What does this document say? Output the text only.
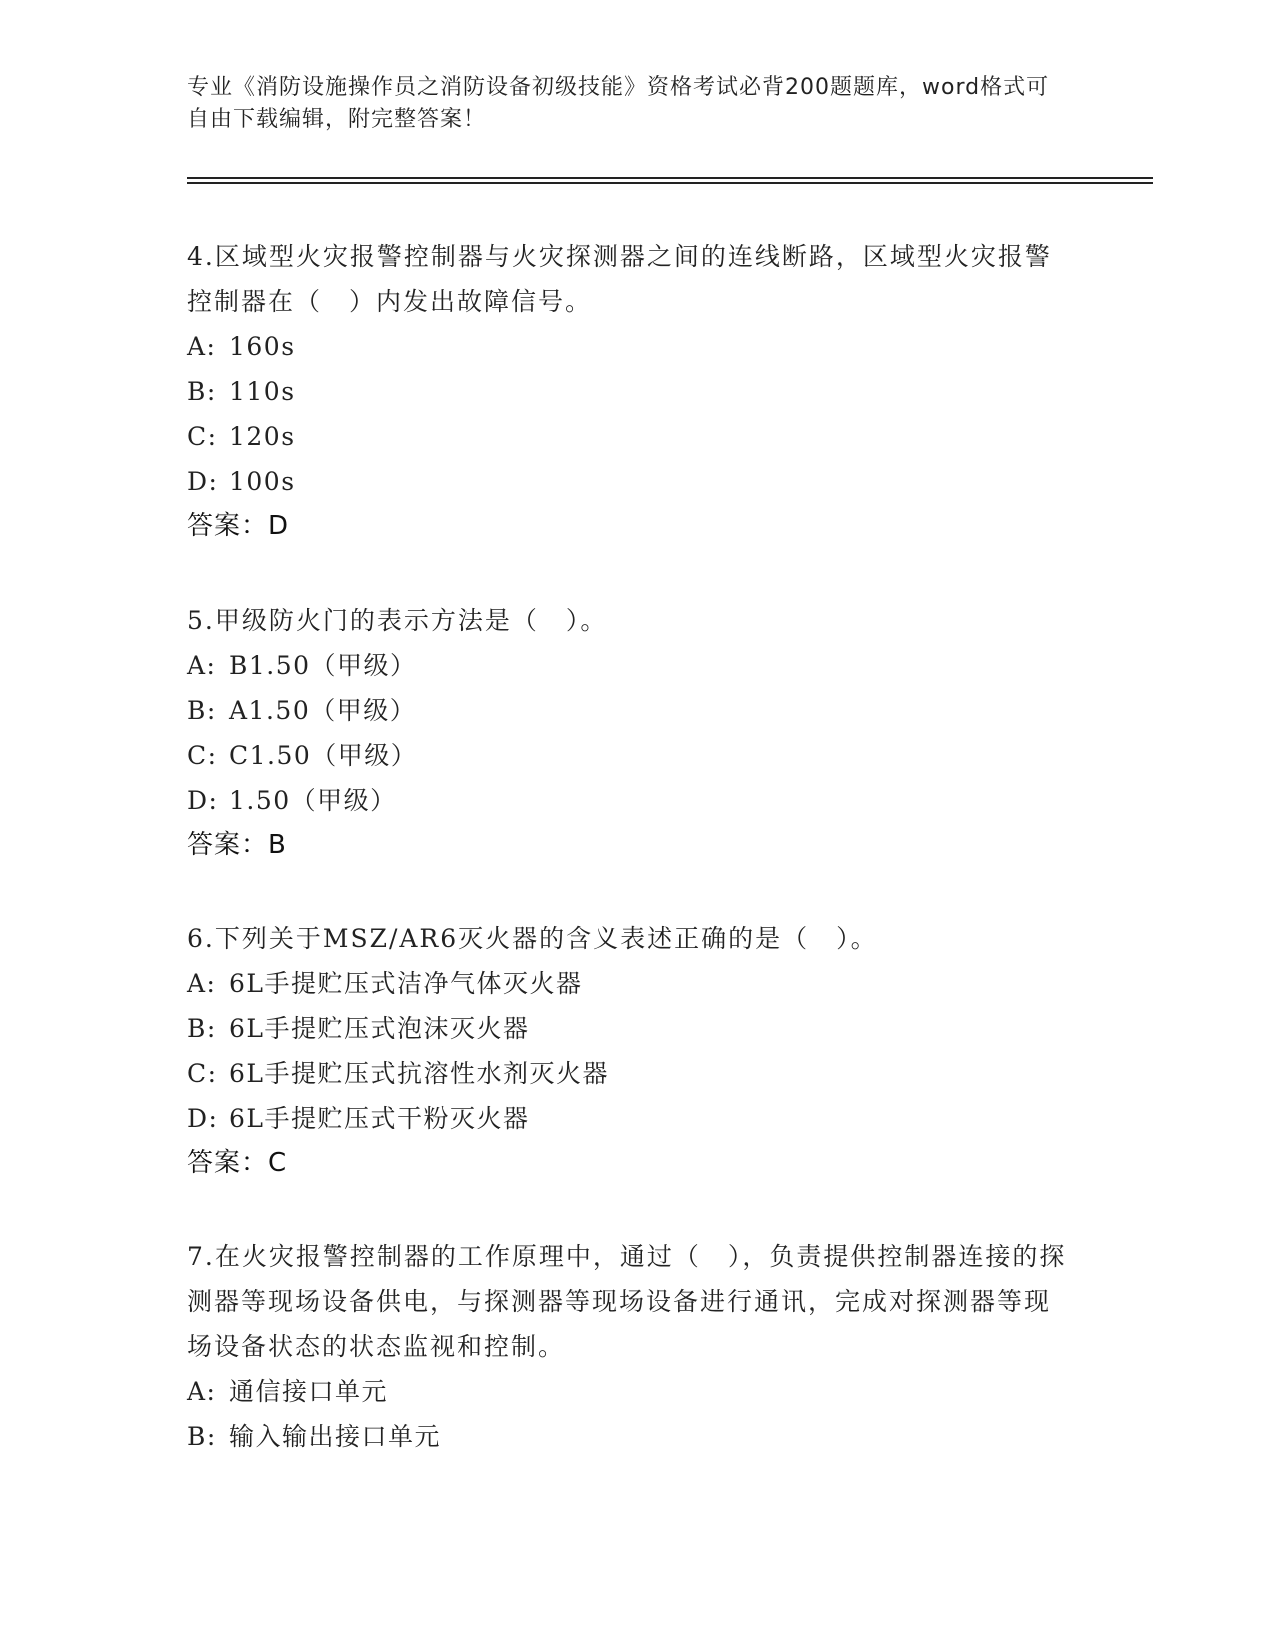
专业《消防设施操作员之消防设备初级技能》资格考试必背200题题库，word格式可自由下载编辑，附完整答案！

4.区域型火灾报警控制器与火灾探测器之间的连线断路，区域型火灾报警控制器在（　）内发出故障信号。

A: 160s

B: 110s

C: 120s

D: 100s

答案：D

5.甲级防火门的表示方法是（　）。

A: B1.50（甲级）

B: A1.50（甲级）

C: C1.50（甲级）

D: 1.50（甲级）

答案：B

6.下列关于MSZ/AR6灭火器的含义表述正确的是（　）。

A: 6L手提贮压式洁净气体灭火器

B: 6L手提贮压式泡沫灭火器

C: 6L手提贮压式抗溶性水剂灭火器

D: 6L手提贮压式干粉灭火器

答案：C

7.在火灾报警控制器的工作原理中，通过（　），负责提供控制器连接的探测器等现场设备供电，与探测器等现场设备进行通讯，完成对探测器等现场设备状态的状态监视和控制。

A: 通信接口单元

B: 输入输出接口单元
